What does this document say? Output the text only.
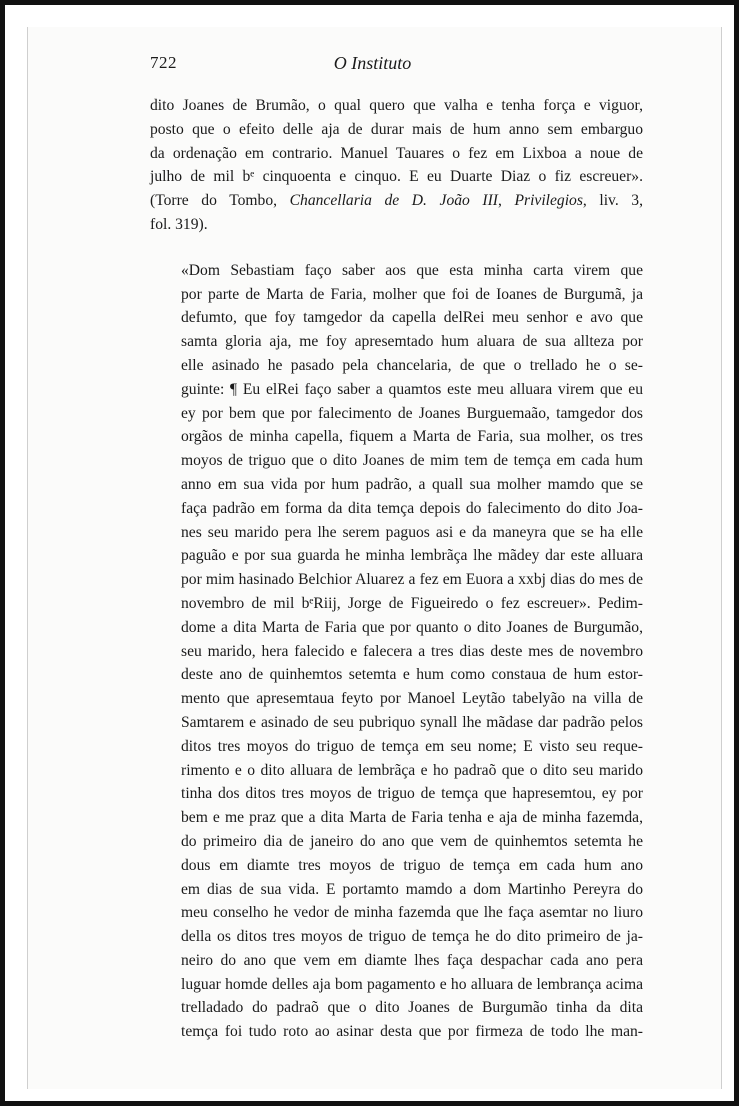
722	O Instituto

dito Joanes de Brumão, o qual quero que valha e tenha força e viguor,
posto que o efeito delle aja de durar mais de hum anno sem embarguo
da ordenação em contrario. Manuel Tauares o fez em Lixboa a noue de
julho de mil bᵉ cinquoenta e cinquo. E eu Duarte Diaz o fiz escreuer».
(Torre do Tombo, Chancellaria de D. João III, Privilegios, liv. 3,
fol. 319).

«Dom Sebastiam faço saber aos que esta minha carta virem que
por parte de Marta de Faria, molher que foi de Ioanes de Burgumã, ja
defumto, que foy tamgedor da capella delRei meu senhor e avo que
samta gloria aja, me foy apresemtado hum aluara de sua allteza por
elle asinado he pasado pela chancelaria, de que o trellado he o se-
guinte: ¶ Eu elRei faço saber a quamtos este meu alluara virem que eu
ey por bem que por falecimento de Joanes Burguemaão, tamgedor dos
orgãos de minha capella, fiquem a Marta de Faria, sua molher, os tres
moyos de triguo que o dito Joanes de mim tem de temça em cada hum
anno em sua vida por hum padrão, a quall sua molher mamdo que se
faça padrão em forma da dita temça depois do falecimento do dito Joa-
nes seu marido pera lhe serem paguos asi e da maneyra que se ha elle
paguão e por sua guarda he minha lembrãça lhe mãdey dar este alluara
por mim hasinado Belchior Aluarez a fez em Euora a xxbj dias do mes de
novembro de mil bᵉRiij, Jorge de Figueiredo o fez escreuer». Pedim-
dome a dita Marta de Faria que por quanto o dito Joanes de Burgumão,
seu marido, hera falecido e falecera a tres dias deste mes de novembro
deste ano de quinhemtos setemta e hum como constaua de hum estor-
mento que apresemtaua feyto por Manoel Leytão tabelyão na villa de
Samtarem e asinado de seu pubriquo synall lhe mãdase dar padrão pelos
ditos tres moyos do triguo de temça em seu nome; E visto seu reque-
rimento e o dito alluara de lembrãça e ho padraõ que o dito seu marido
tinha dos ditos tres moyos de triguo de temça que hapresemtou, ey por
bem e me praz que a dita Marta de Faria tenha e aja de minha fazemda,
do primeiro dia de janeiro do ano que vem de quinhemtos setemta he
dous em diamte tres moyos de triguo de temça em cada hum ano
em dias de sua vida. E portamto mamdo a dom Martinho Pereyra do
meu conselho he vedor de minha fazemda que lhe faça asemtar no liuro
della os ditos tres moyos de triguo de temça he do dito primeiro de ja-
neiro do ano que vem em diamte lhes faça despachar cada ano pera
luguar homde delles aja bom pagamento e ho alluara de lembrança acima
trelladado do padraõ que o dito Joanes de Burgumão tinha da dita
temça foi tudo roto ao asinar desta que por firmeza de todo lhe man-
